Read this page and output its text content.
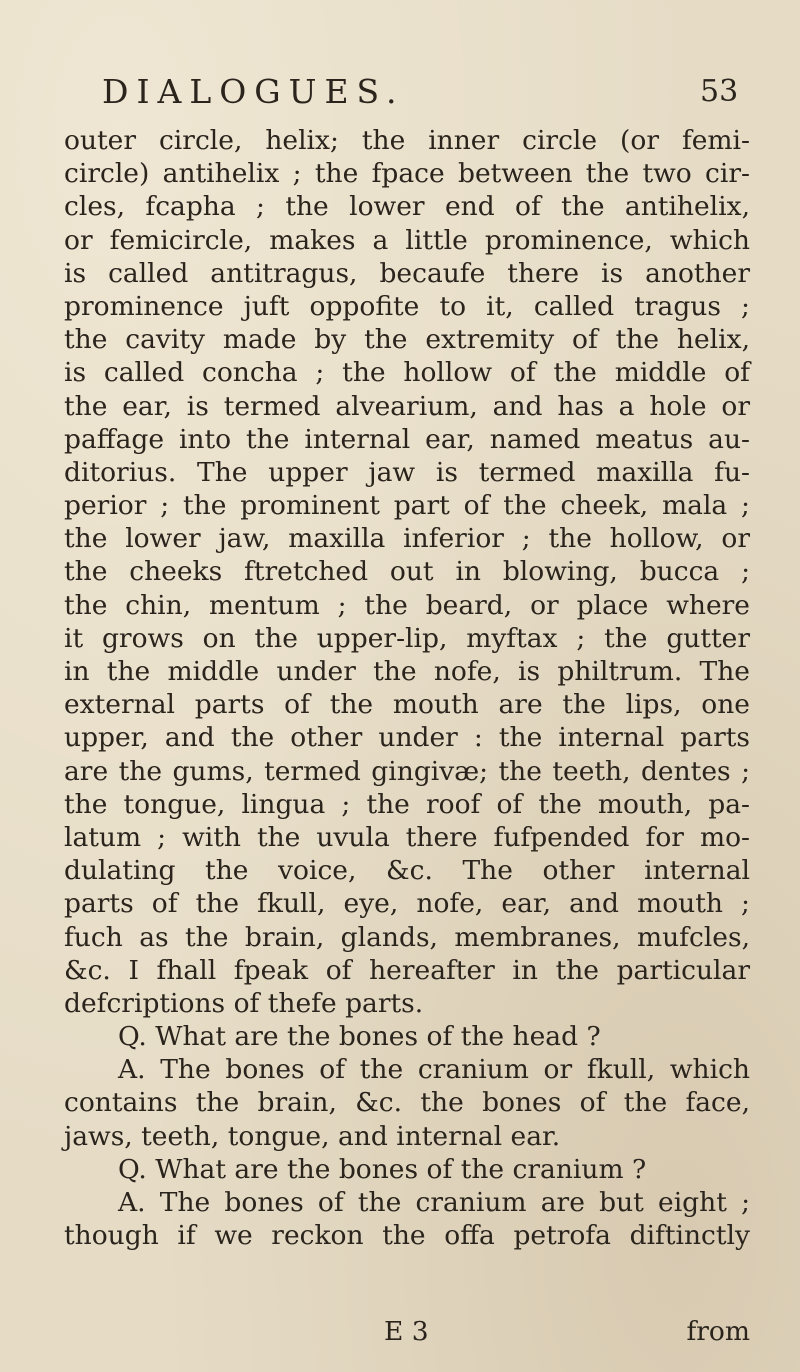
DIALOGUES.	53
outer circle, helix; the inner circle (or femi-
circle) antihelix ; the fpace between the two cir-
cles, fcapha ; the lower end of the antihelix,
or femicircle, makes a little prominence, which
is called antitragus, becaufe there is another
prominence juft oppofite to it, called tragus ;
the cavity made by the extremity of the helix,
is called concha ; the hollow of the middle of
the ear, is termed alvearium, and has a hole or
paffage into the internal ear, named meatus au-
ditorius. The upper jaw is termed maxilla fu-
perior ; the prominent part of the cheek, mala ;
the lower jaw, maxilla inferior ; the hollow, or
the cheeks ftretched out in blowing, bucca ;
the chin, mentum ; the beard, or place where
it grows on the upper-lip, myftax ; the gutter
in the middle under the nofe, is philtrum. The
external parts of the mouth are the lips, one
upper, and the other under : the internal parts
are the gums, termed gingivæ; the teeth, dentes ;
the tongue, lingua ; the roof of the mouth, pa-
latum ; with the uvula there fufpended for mo-
dulating the voice, &c. The other internal
parts of the fkull, eye, nofe, ear, and mouth ;
fuch as the brain, glands, membranes, mufcles,
&c. I fhall fpeak of hereafter in the particular
defcriptions of thefe parts.
Q. What are the bones of the head ?
A. The bones of the cranium or fkull, which
contains the brain, &c. the bones of the face,
jaws, teeth, tongue, and internal ear.
Q. What are the bones of the cranium ?
A. The bones of the cranium are but eight ;
though if we reckon the offa petrofa diftinctly
E 3	from
